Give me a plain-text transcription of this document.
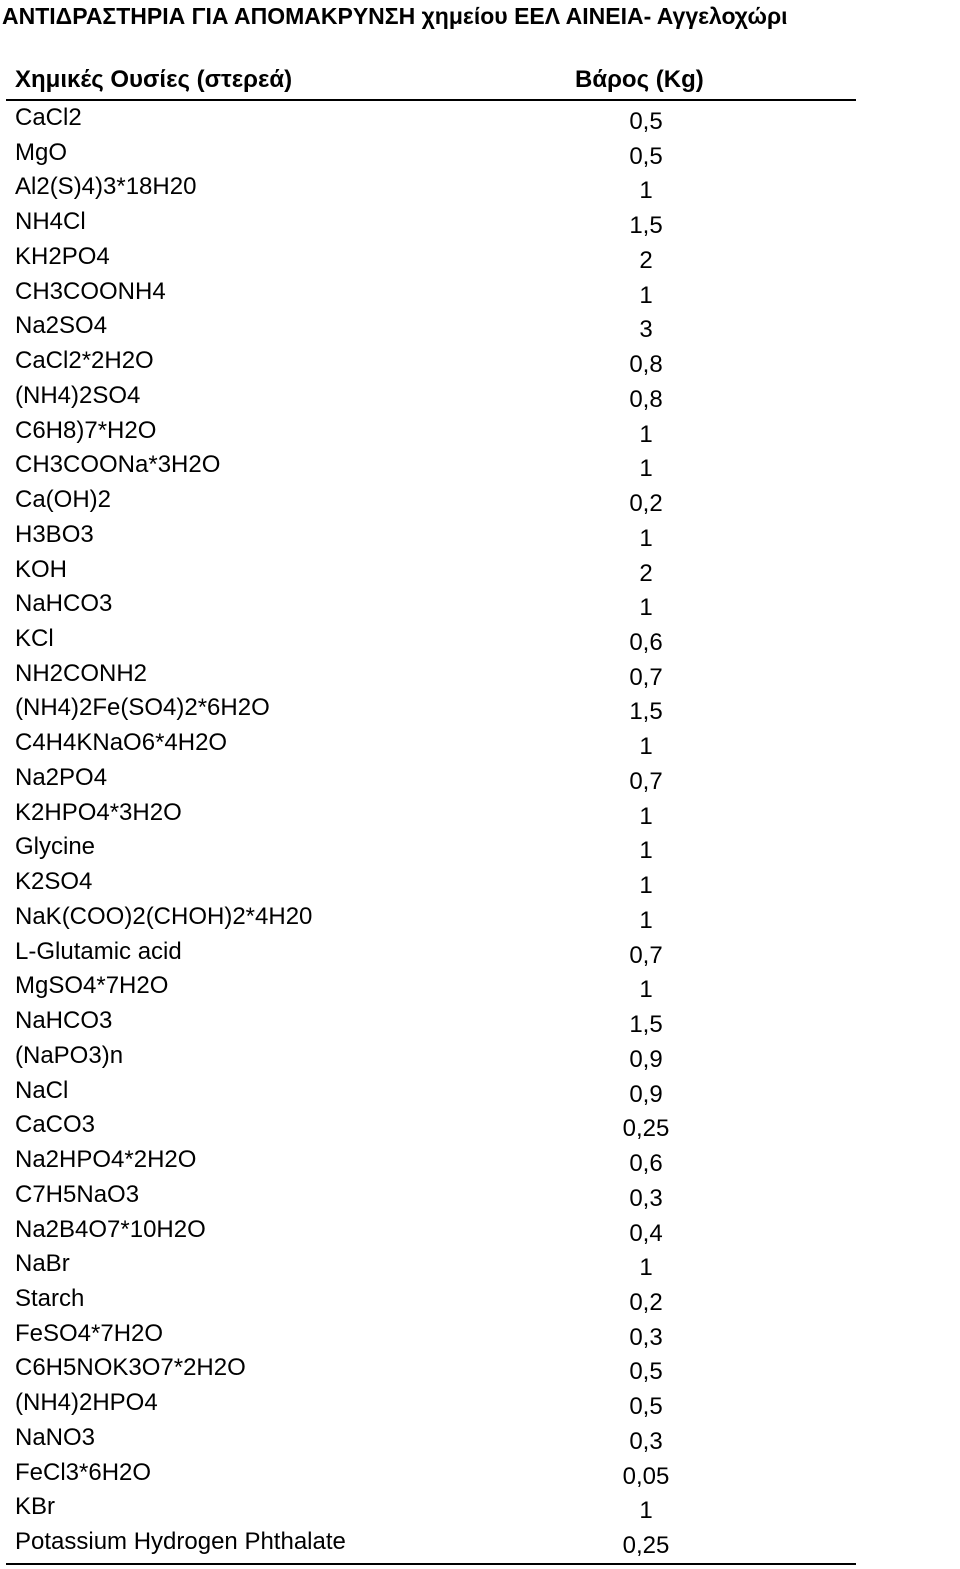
ΑΝΤΙΔΡΑΣΤΗΡΙΑ ΓΙΑ ΑΠΟΜΑΚΡΥΝΣΗ χημείου ΕΕΛ ΑΙΝΕΙΑ- Αγγελοχώρι
Χημικές Ουσίες (στερεά)	Βάρος (Kg)
CaCl2	0,5
MgO	0,5
Al2(S)4)3*18H20	1
NH4Cl	1,5
KH2PO4	2
CH3COONH4	1
Na2SO4	3
CaCl2*2H2O	0,8
(NH4)2SO4	0,8
C6H8)7*H2O	1
CH3COONa*3H2O	1
Ca(OH)2	0,2
H3BO3	1
KOH	2
NaHCO3	1
KCl	0,6
NH2CONH2	0,7
(NH4)2Fe(SO4)2*6H2O	1,5
C4H4KNaO6*4H2O	1
Na2PO4	0,7
K2HPO4*3H2O	1
Glycine	1
K2SO4	1
NaK(COO)2(CHOH)2*4H20	1
L-Glutamic acid	0,7
MgSO4*7H2O	1
NaHCO3	1,5
(NaPO3)n	0,9
NaCl	0,9
CaCO3	0,25
Na2HPO4*2H2O	0,6
C7H5NaO3	0,3
Na2B4O7*10H2O	0,4
NaBr	1
Starch	0,2
FeSO4*7H2O	0,3
C6H5NOK3O7*2H2O	0,5
(NH4)2HPO4	0,5
NaNO3	0,3
FeCl3*6H2O	0,05
KBr	1
Potassium Hydrogen Phthalate	0,25
